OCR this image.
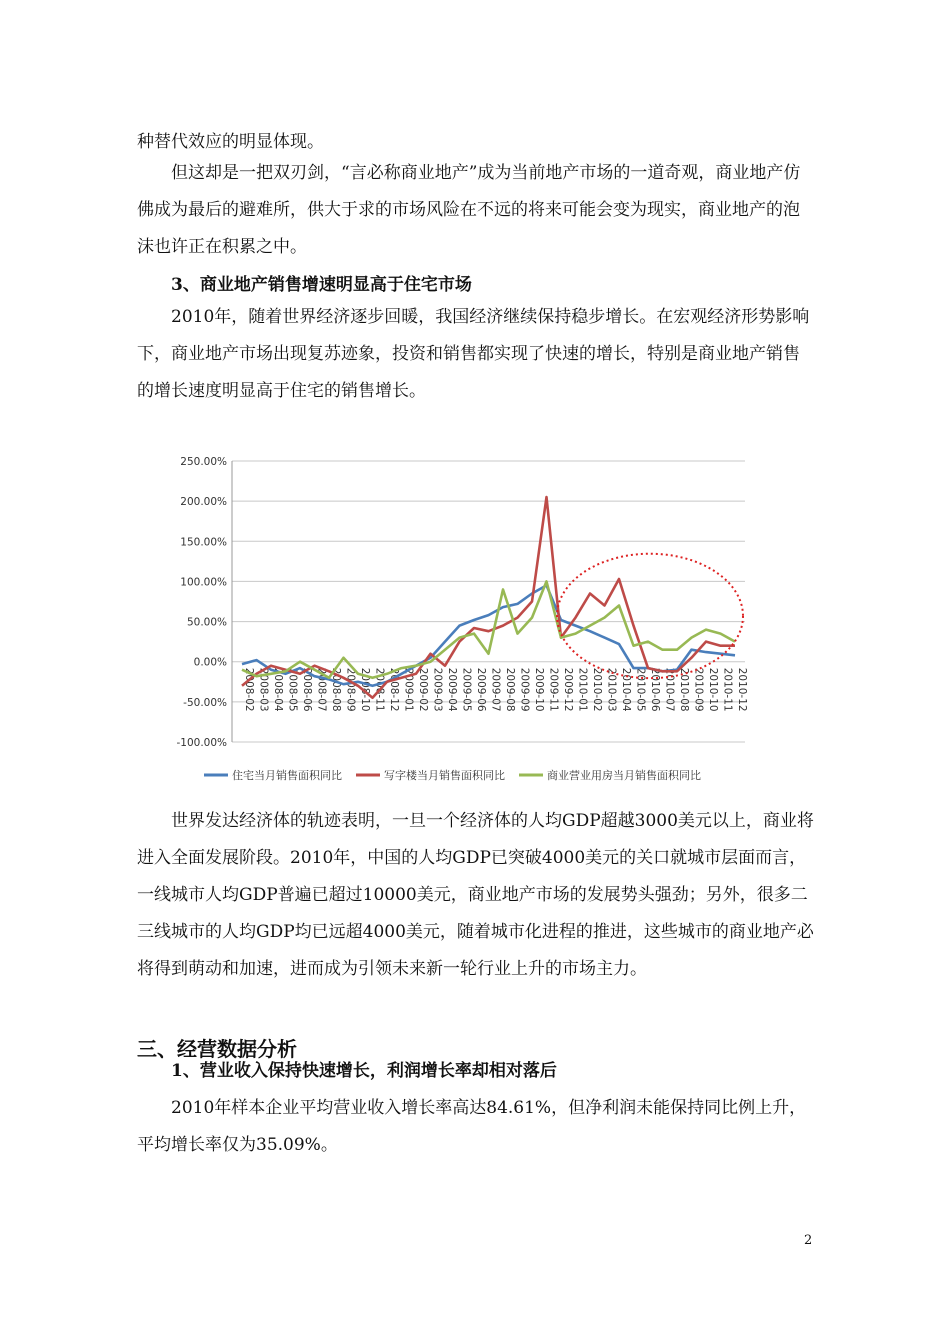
种替代效应的明显体现。

但这却是一把双刃剑，“言必称商业地产”成为当前地产市场的一道奇观，商业地产仿佛成为最后的避难所，供大于求的市场风险在不远的将来可能会变为现实，商业地产的泡沫也许正在积累之中。

3、商业地产销售增速明显高于住宅市场

2010年，随着世界经济逐步回暖，我国经济继续保持稳步增长。在宏观经济形势影响下，商业地产市场出现复苏迹象，投资和销售都实现了快速的增长，特别是商业地产销售的增长速度明显高于住宅的销售增长。

250.00%
200.00%
150.00%
100.00%
50.00%
0.00%
-50.00%
-100.00%
2008-02 2008-03 2008-04 2008-05 2008-06 2008-07 2008-08 2008-09 2008-10 2008-11 2008-12 2009-01 2009-02 2009-03 2009-04 2009-05 2009-06 2009-07 2009-08 2009-09 2009-10 2009-11 2009-12 2010-01 2010-02 2010-03 2010-04 2010-05 2010-06 2010-07 2010-08 2010-09 2010-10 2010-11 2010-12
住宅当月销售面积同比	写字楼当月销售面积同比	商业营业用房当月销售面积同比

世界发达经济体的轨迹表明，一旦一个经济体的人均GDP超越3000美元以上，商业将进入全面发展阶段。2010年，中国的人均GDP已突破4000美元的关口就城市层面而言，一线城市人均GDP普遍已超过10000美元，商业地产市场的发展势头强劲；另外，很多二三线城市的人均GDP均已远超4000美元，随着城市化进程的推进，这些城市的商业地产必将得到萌动和加速，进而成为引领未来新一轮行业上升的市场主力。

三、经营数据分析

1、营业收入保持快速增长，利润增长率却相对落后

2010年样本企业平均营业收入增长率高达84.61%，但净利润未能保持同比例上升，平均增长率仅为35.09%。

2
